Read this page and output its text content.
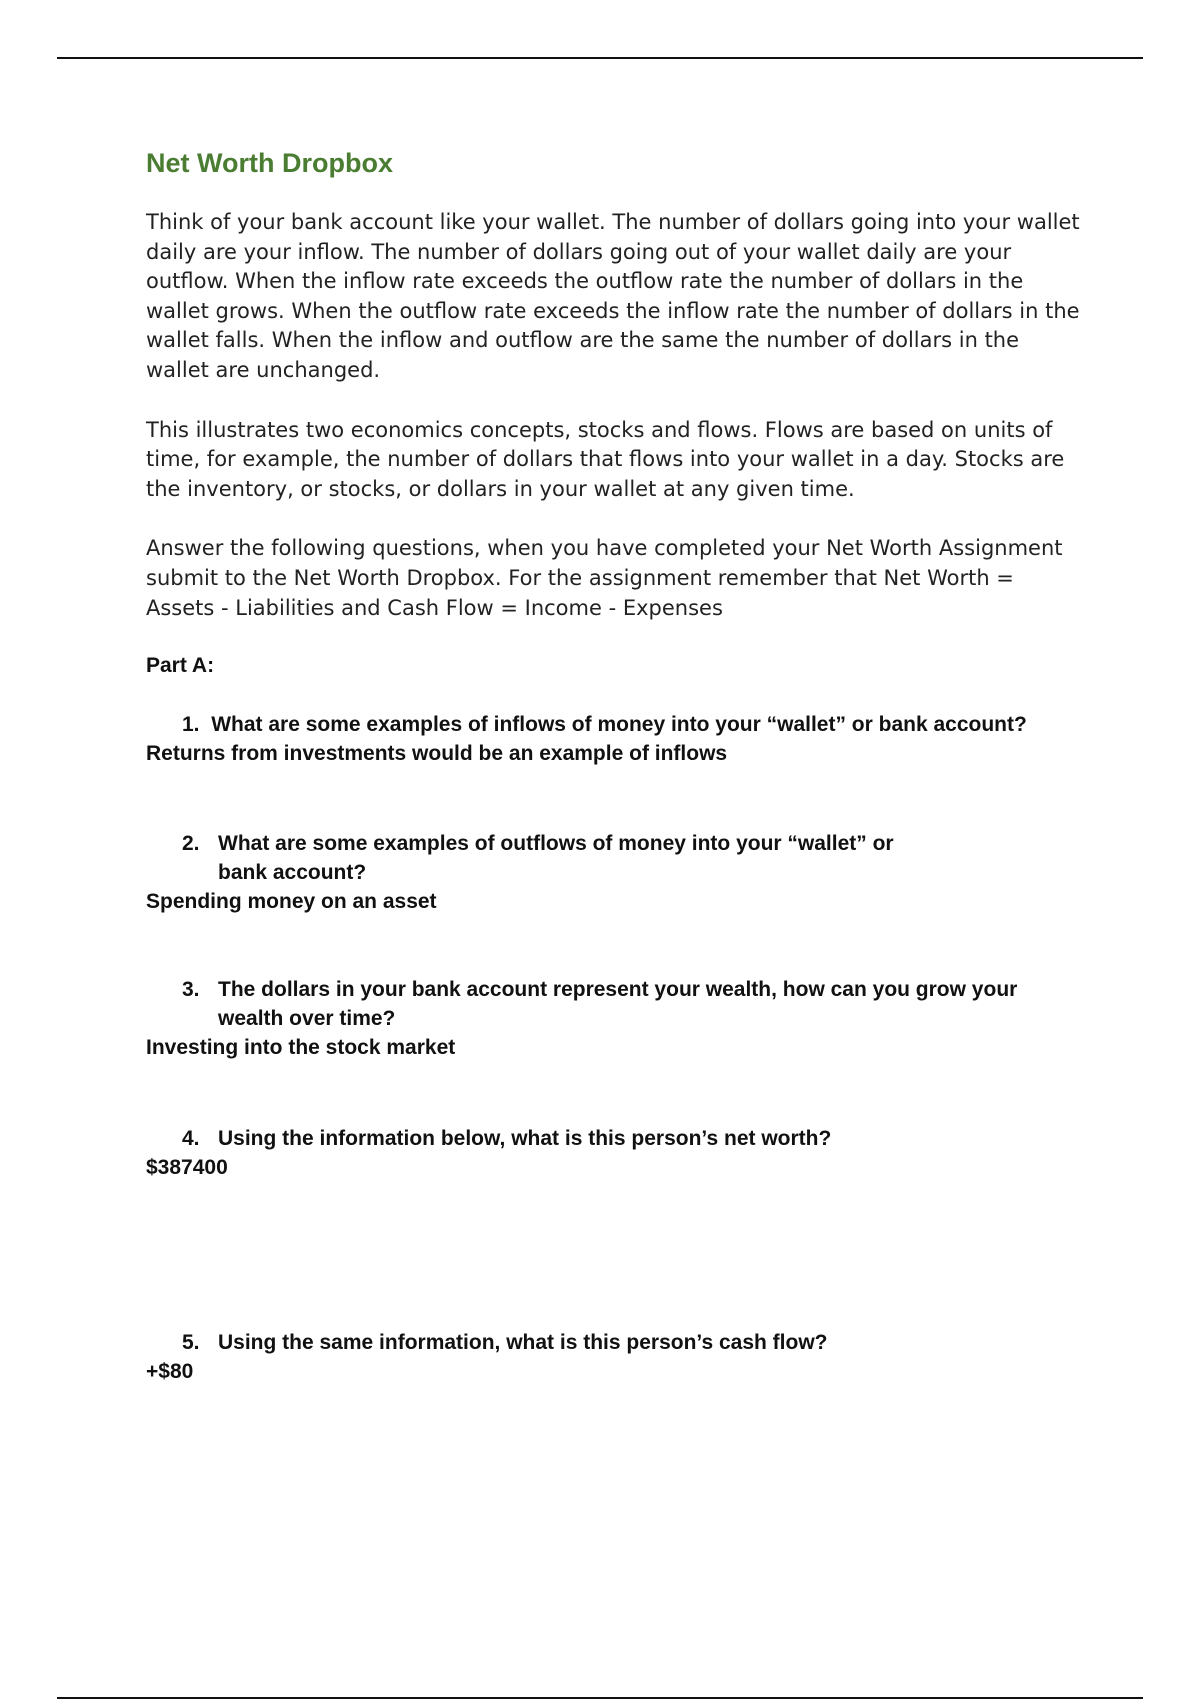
Net Worth Dropbox

Think of your bank account like your wallet. The number of dollars going into your wallet daily are your inflow. The number of dollars going out of your wallet daily are your outflow. When the inflow rate exceeds the outflow rate the number of dollars in the wallet grows. When the outflow rate exceeds the inflow rate the number of dollars in the wallet falls. When the inflow and outflow are the same the number of dollars in the wallet are unchanged.

This illustrates two economics concepts, stocks and flows. Flows are based on units of time, for example, the number of dollars that flows into your wallet in a day. Stocks are the inventory, or stocks, or dollars in your wallet at any given time.

Answer the following questions, when you have completed your Net Worth Assignment submit to the Net Worth Dropbox. For the assignment remember that Net Worth = Assets - Liabilities and Cash Flow = Income - Expenses

Part A:
1. What are some examples of inflows of money into your “wallet” or bank account? Returns from investments would be an example of inflows
2. What are some examples of outflows of money into your “wallet” or bank account?
Spending money on an asset
3. The dollars in your bank account represent your wealth, how can you grow your wealth over time?
Investing into the stock market
4. Using the information below, what is this person’s net worth?
$387400
5. Using the same information, what is this person’s cash flow?
+$80
